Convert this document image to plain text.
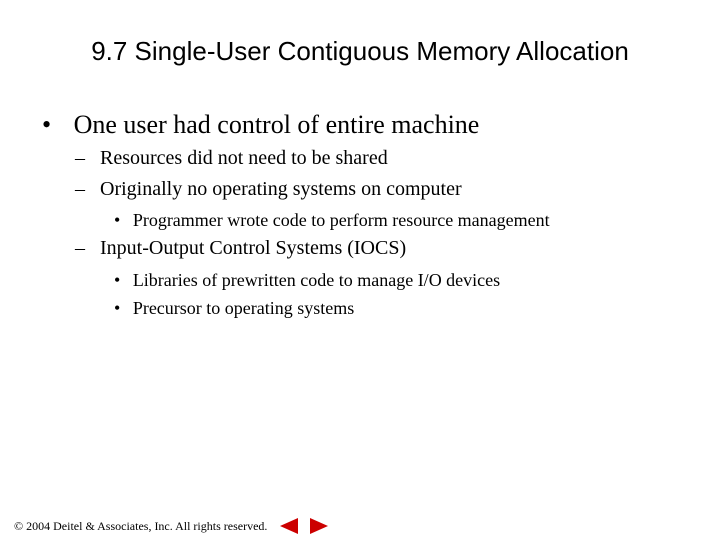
9.7 Single-User Contiguous Memory Allocation
• One user had control of entire machine
– Resources did not need to be shared
– Originally no operating systems on computer
• Programmer wrote code to perform resource management
– Input-Output Control Systems (IOCS)
• Libraries of prewritten code to manage I/O devices
• Precursor to operating systems
© 2004 Deitel & Associates, Inc. All rights reserved.
